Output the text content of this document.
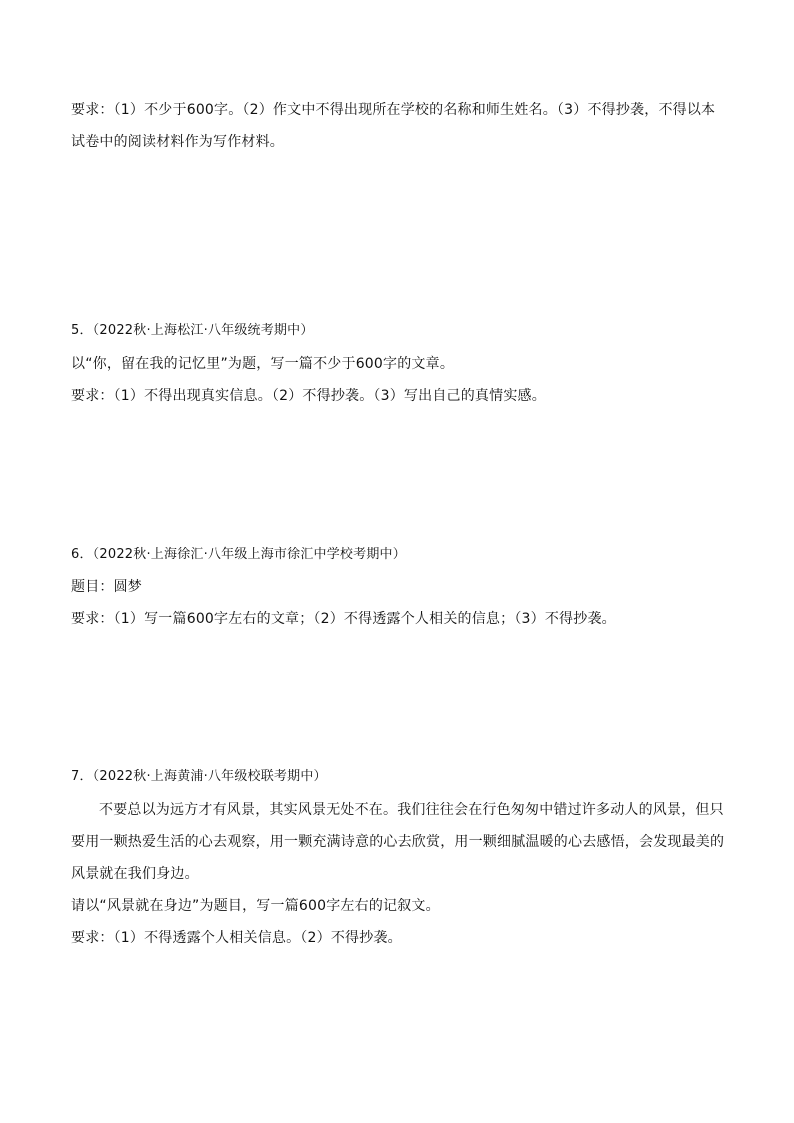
要求：（1）不少于600字。（2）作文中不得出现所在学校的名称和师生姓名。（3）不得抄袭，不得以本
试卷中的阅读材料作为写作材料。
5．（2022秋·上海松江·八年级统考期中）
以“你，留在我的记忆里”为题，写一篇不少于600字的文章。
要求：（1）不得出现真实信息。（2）不得抄袭。（3）写出自己的真情实感。
6．（2022秋·上海徐汇·八年级上海市徐汇中学校考期中）
题目：圆梦
要求：（1）写一篇600字左右的文章；（2）不得透露个人相关的信息；（3）不得抄袭。
7．（2022秋·上海黄浦·八年级校联考期中）
不要总以为远方才有风景，其实风景无处不在。我们往往会在行色匆匆中错过许多动人的风景，但只
要用一颗热爱生活的心去观察，用一颗充满诗意的心去欣赏，用一颗细腻温暖的心去感悟，会发现最美的
风景就在我们身边。
请以“风景就在身边”为题目，写一篇600字左右的记叙文。
要求：（1）不得透露个人相关信息。（2）不得抄袭。
